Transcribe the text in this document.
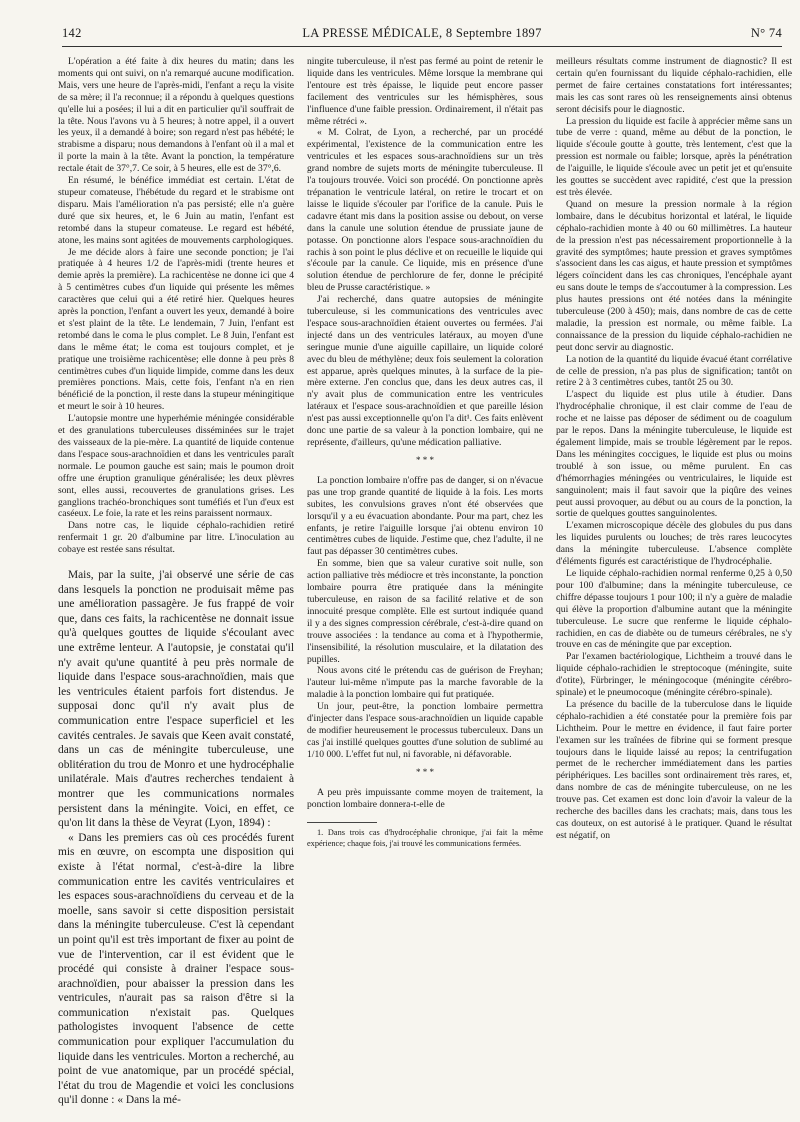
142	LA PRESSE MÉDICALE, 8 Septembre 1897	N° 74

L'opération a été faite à dix heures du matin; dans les moments qui ont suivi, on n'a remarqué aucune modification. Mais, vers une heure de l'après-midi, l'enfant a reçu la visite de sa mère; il l'a reconnue; il a répondu à quelques questions qu'elle lui a posées; il lui a dit en particulier qu'il souffrait de la tête. Nous l'avons vu à 5 heures; à notre appel, il a ouvert les yeux, il a demandé à boire; son regard n'est pas hébété; le strabisme a disparu; nous demandons à l'enfant où il a mal et il porte la main à la tête. Avant la ponction, la température rectale était de 37°,7. Ce soir, à 5 heures, elle est de 37°,6.

En résumé, le bénéfice immédiat est certain. L'état de stupeur comateuse, l'hébétude du regard et le strabisme ont disparu. Mais l'amélioration n'a pas persisté; elle n'a guère duré que six heures, et, le 6 Juin au matin, l'enfant est retombé dans la stupeur comateuse. Le regard est hébété, atone, les mains sont agitées de mouvements carphologiques.

Je me décide alors à faire une seconde ponction; je l'ai pratiquée à 4 heures 1/2 de l'après-midi (trente heures et demie après la première). La rachicentèse ne donne ici que 4 à 5 centimètres cubes d'un liquide qui présente les mêmes caractères que celui qui a été retiré hier. Quelques heures après la ponction, l'enfant a ouvert les yeux, demandé à boire et s'est plaint de la tête. Le lendemain, 7 Juin, l'enfant est retombé dans le coma le plus complet. Le 8 Juin, l'enfant est dans le même état; le coma est toujours complet, et je pratique une troisième rachicentèse; elle donne à peu près 8 centimètres cubes d'un liquide limpide, comme dans les deux premières ponctions. Mais, cette fois, l'enfant n'a en rien bénéficié de la ponction, il reste dans la stupeur méningitique et meurt le soir à 10 heures.

L'autopsie montre une hyperhémie méningée considérable et des granulations tuberculeuses disséminées sur le trajet des vaisseaux de la pie-mère. La quantité de liquide contenue dans l'espace sous-arachnoïdien et dans les ventricules paraît normale. Le poumon gauche est sain; mais le poumon droit offre une éruption granulique généralisée; les deux plèvres sont, elles aussi, recouvertes de granulations grises. Les ganglions trachéo-bronchiques sont tuméfiés et l'un d'eux est caséeux. Le foie, la rate et les reins paraissent normaux.

Dans notre cas, le liquide céphalo-rachidien retiré renfermait 1 gr. 20 d'albumine par litre. L'inoculation au cobaye est restée sans résultat.

Mais, par la suite, j'ai observé une série de cas dans lesquels la ponction ne produisait même pas une amélioration passagère. Je fus frappé de voir que, dans ces faits, la rachicentèse ne donnait issue qu'à quelques gouttes de liquide s'écoulant avec une extrême lenteur. A l'autopsie, je constatai qu'il n'y avait qu'une quantité à peu près normale de liquide dans l'espace sous-arachnoïdien, mais que les ventricules étaient parfois fort distendus. Je supposai donc qu'il n'y avait plus de communication entre l'espace superficiel et les cavités centrales. Je savais que Keen avait constaté, dans un cas de méningite tuberculeuse, une oblitération du trou de Monro et une hydrocéphalie unilatérale. Mais d'autres recherches tendaient à montrer que les communications normales persistent dans la méningite. Voici, en effet, ce qu'on lit dans la thèse de Veyrat (Lyon, 1894) :

« Dans les premiers cas où ces procédés furent mis en œuvre, on escompta une disposition qui existe à l'état normal, c'est-à-dire la libre communication entre les cavités ventriculaires et les espaces sous-arachnoïdiens du cerveau et de la moelle, sans savoir si cette disposition persistait dans la méningite tuberculeuse. C'est là cependant un point qu'il est très important de fixer au point de vue de l'intervention, car il est évident que le procédé qui consiste à drainer l'espace sous-arachnoïdien, pour abaisser la pression dans les ventricules, n'aurait pas sa raison d'être si la communication n'existait pas. Quelques pathologistes invoquent l'absence de cette communication pour expliquer l'accumulation du liquide dans les ventricules. Morton a recherché, au point de vue anatomique, par un procédé spécial, l'état du trou de Magendie et voici les conclusions qu'il donne : « Dans la mé-

ningite tuberculeuse, il n'est pas fermé au point de retenir le liquide dans les ventricules. Même lorsque la membrane qui l'entoure est très épaisse, le liquide peut encore passer facilement des ventricules sur les hémisphères, sous l'influence d'une faible pression. Ordinairement, il n'était pas même rétréci ».

« M. Colrat, de Lyon, a recherché, par un procédé expérimental, l'existence de la communication entre les ventricules et les espaces sous-arachnoïdiens sur un très grand nombre de sujets morts de méningite tuberculeuse. Il l'a toujours trouvée. Voici son procédé. On ponctionne après trépanation le ventricule latéral, on retire le trocart et on laisse le liquide s'écouler par l'orifice de la canule. Puis le cadavre étant mis dans la position assise ou debout, on verse dans la canule une solution étendue de prussiate jaune de potasse. On ponctionne alors l'espace sous-arachnoïdien du rachis à son point le plus déclive et on recueille le liquide qui s'écoule par la canule. Ce liquide, mis en présence d'une solution étendue de perchlorure de fer, donne le précipité bleu de Prusse caractéristique. »

J'ai recherché, dans quatre autopsies de méningite tuberculeuse, si les communications des ventricules avec l'espace sous-arachnoïdien étaient ouvertes ou fermées. J'ai injecté dans un des ventricules latéraux, au moyen d'une seringue munie d'une aiguille capillaire, un liquide coloré avec du bleu de méthylène; deux fois seulement la coloration est apparue, après quelques minutes, à la surface de la pie-mère externe. J'en conclus que, dans les deux autres cas, il n'y avait plus de communication entre les ventricules latéraux et l'espace sous-arachnoïdien et que pareille lésion n'est pas aussi exceptionnelle qu'on l'a dit¹. Ces faits enlèvent donc une partie de sa valeur à la ponction lombaire, qui ne représente, d'ailleurs, qu'une médication palliative.

* * *

La ponction lombaire n'offre pas de danger, si on n'évacue pas une trop grande quantité de liquide à la fois. Les morts subites, les convulsions graves n'ont été observées que lorsqu'il y a eu évacuation abondante. Pour ma part, chez les enfants, je retire l'aiguille lorsque j'ai obtenu environ 10 centimètres cubes de liquide. J'estime que, chez l'adulte, il ne faut pas dépasser 30 centimètres cubes.

En somme, bien que sa valeur curative soit nulle, son action palliative très médiocre et très inconstante, la ponction lombaire pourra être pratiquée dans la méningite tuberculeuse, en raison de sa facilité relative et de son innocuité presque complète. Elle est surtout indiquée quand il y a des signes compression cérébrale, c'est-à-dire quand on trouve associées : la tendance au coma et à l'hypothermie, l'insensibilité, la résolution musculaire, et la dilatation des pupilles.

Nous avons cité le prétendu cas de guérison de Freyhan; l'auteur lui-même n'impute pas la marche favorable de la maladie à la ponction lombaire qui fut pratiquée.

Un jour, peut-être, la ponction lombaire permettra d'injecter dans l'espace sous-arachnoïdien un liquide capable de modifier heureusement le processus tuberculeux. Dans un cas j'ai instillé quelques gouttes d'une solution de sublimé au 1/10 000. L'effet fut nul, ni favorable, ni défavorable.

* * *

A peu près impuissante comme moyen de traitement, la ponction lombaire donnera-t-elle de

1. Dans trois cas d'hydrocéphalie chronique, j'ai fait la même expérience; chaque fois, j'ai trouvé les communications fermées.

meilleurs résultats comme instrument de diagnostic? Il est certain qu'en fournissant du liquide céphalo-rachidien, elle permet de faire certaines constatations fort intéressantes; mais les cas sont rares où les renseignements ainsi obtenus seront décisifs pour le diagnostic.

La pression du liquide est facile à apprécier même sans un tube de verre : quand, même au début de la ponction, le liquide s'écoule goutte à goutte, très lentement, c'est que la pression est normale ou faible; lorsque, après la pénétration de l'aiguille, le liquide s'écoule avec un petit jet et qu'ensuite les gouttes se succèdent avec rapidité, c'est que la pression est très élevée.

Quand on mesure la pression normale à la région lombaire, dans le décubitus horizontal et latéral, le liquide céphalo-rachidien monte à 40 ou 60 millimètres. La hauteur de la pression n'est pas nécessairement proportionnelle à la gravité des symptômes; haute pression et graves symptômes s'associent dans les cas aigus, et haute pression et symptômes légers coïncident dans les cas chroniques, l'encéphale ayant eu sans doute le temps de s'accoutumer à la compression. Les plus hautes pressions ont été notées dans la méningite tuberculeuse (200 à 450); mais, dans nombre de cas de cette maladie, la pression est normale, ou même faible. La connaissance de la pression du liquide céphalo-rachidien ne peut donc servir au diagnostic.

La notion de la quantité du liquide évacué étant corrélative de celle de pression, n'a pas plus de signification; tantôt on retire 2 à 3 centimètres cubes, tantôt 25 ou 30.

L'aspect du liquide est plus utile à étudier. Dans l'hydrocéphalie chronique, il est clair comme de l'eau de roche et ne laisse pas déposer de sédiment ou de coagulum par le repos. Dans la méningite tuberculeuse, le liquide est également limpide, mais se trouble légèrement par le repos. Dans les méningites coccigues, le liquide est plus ou moins troublé à son issue, ou même purulent. En cas d'hémorrhagies méningées ou ventriculaires, le liquide est sanguinolent; mais il faut savoir que la piqûre des veines peut aussi provoquer, au début ou au cours de la ponction, la sortie de quelques gouttes sanguinolentes.

L'examen microscopique décèle des globules du pus dans les liquides purulents ou louches; de très rares leucocytes dans la méningite tuberculeuse. L'absence complète d'éléments figurés est caractéristique de l'hydrocéphalie.

Le liquide céphalo-rachidien normal renferme 0,25 à 0,50 pour 100 d'albumine; dans la méningite tuberculeuse, ce chiffre dépasse toujours 1 pour 100; il n'y a guère de maladie qui élève la proportion d'albumine autant que la méningite tuberculeuse. Le sucre que renferme le liquide céphalo-rachidien, en cas de diabète ou de tumeurs cérébrales, ne s'y trouve en cas de méningite que par exception.

Par l'examen bactériologique, Lichtheim a trouvé dans le liquide céphalo-rachidien le streptocoque (méningite, suite d'otite), Fürbringer, le méningocoque (méningite cérébro-spinale) et le pneumocoque (méningite cérébro-spinale).

La présence du bacille de la tuberculose dans le liquide céphalo-rachidien a été constatée pour la première fois par Lichtheim. Pour le mettre en évidence, il faut faire porter l'examen sur les traînées de fibrine qui se forment presque toujours dans le liquide laissé au repos; la centrifugation permet de le rechercher immédiatement dans les parties périphériques. Les bacilles sont ordinairement très rares, et, dans nombre de cas de méningite tuberculeuse, on ne les trouve pas. Cet examen est donc loin d'avoir la valeur de la recherche des bacilles dans les crachats; mais, dans tous les cas douteux, on est autorisé à le pratiquer. Quand le résultat est négatif, on
